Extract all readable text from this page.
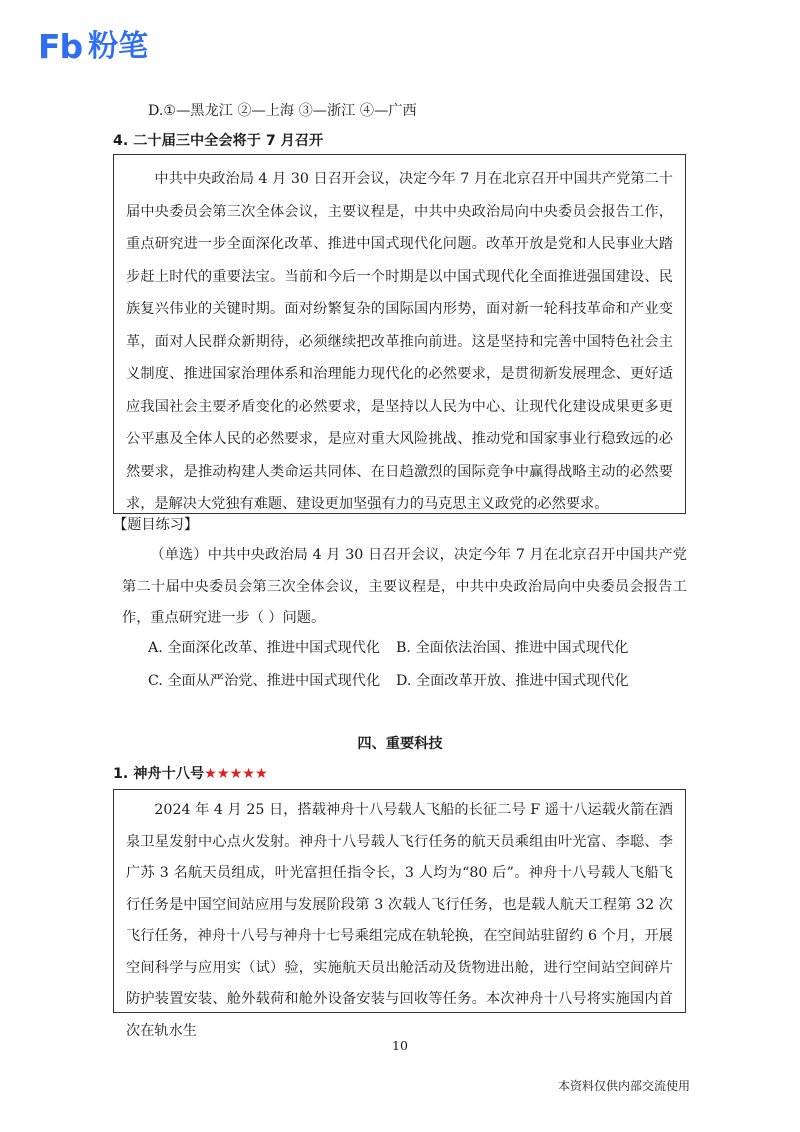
Fb 粉笔
D.①—黑龙江 ②—上海 ③—浙江 ④—广西
4. 二十届三中全会将于 7 月召开

中共中央政治局 4 月 30 日召开会议，决定今年 7 月在北京召开中国共产党第二十届中央委员会第三次全体会议，主要议程是，中共中央政治局向中央委员会报告工作，重点研究进一步全面深化改革、推进中国式现代化问题。改革开放是党和人民事业大踏步赶上时代的重要法宝。当前和今后一个时期是以中国式现代化全面推进强国建设、民族复兴伟业的关键时期。面对纷繁复杂的国际国内形势，面对新一轮科技革命和产业变革，面对人民群众新期待，必须继续把改革推向前进。这是坚持和完善中国特色社会主义制度、推进国家治理体系和治理能力现代化的必然要求，是贯彻新发展理念、更好适应我国社会主要矛盾变化的必然要求，是坚持以人民为中心、让现代化建设成果更多更公平惠及全体人民的必然要求，是应对重大风险挑战、推动党和国家事业行稳致远的必然要求，是推动构建人类命运共同体、在日趋激烈的国际竞争中赢得战略主动的必然要求，是解决大党独有难题、建设更加坚强有力的马克思主义政党的必然要求。

【题目练习】

（单选）中共中央政治局 4 月 30 日召开会议，决定今年 7 月在北京召开中国共产党第二十届中央委员会第三次全体会议，主要议程是，中共中央政治局向中央委员会报告工作，重点研究进一步（ ）问题。

A. 全面深化改革、推进中国式现代化 B. 全面依法治国、推进中国式现代化
C. 全面从严治党、推进中国式现代化 D. 全面改革开放、推进中国式现代化
四、重要科技
1. 神舟十八号★★★★★

2024 年 4 月 25 日，搭载神舟十八号载人飞船的长征二号 F 遥十八运载火箭在酒泉卫星发射中心点火发射。神舟十八号载人飞行任务的航天员乘组由叶光富、李聪、李广苏 3 名航天员组成，叶光富担任指令长，3 人均为“80 后”。神舟十八号载人飞船飞行任务是中国空间站应用与发展阶段第 3 次载人飞行任务，也是载人航天工程第 32 次飞行任务，神舟十八号与神舟十七号乘组完成在轨轮换，在空间站驻留约 6 个月，开展空间科学与应用实（试）验，实施航天员出舱活动及货物进出舱，进行空间站空间碎片防护装置安装、舱外载荷和舱外设备安装与回收等任务。本次神舟十八号将实施国内首次在轨水生

10
本资料仅供内部交流使用
